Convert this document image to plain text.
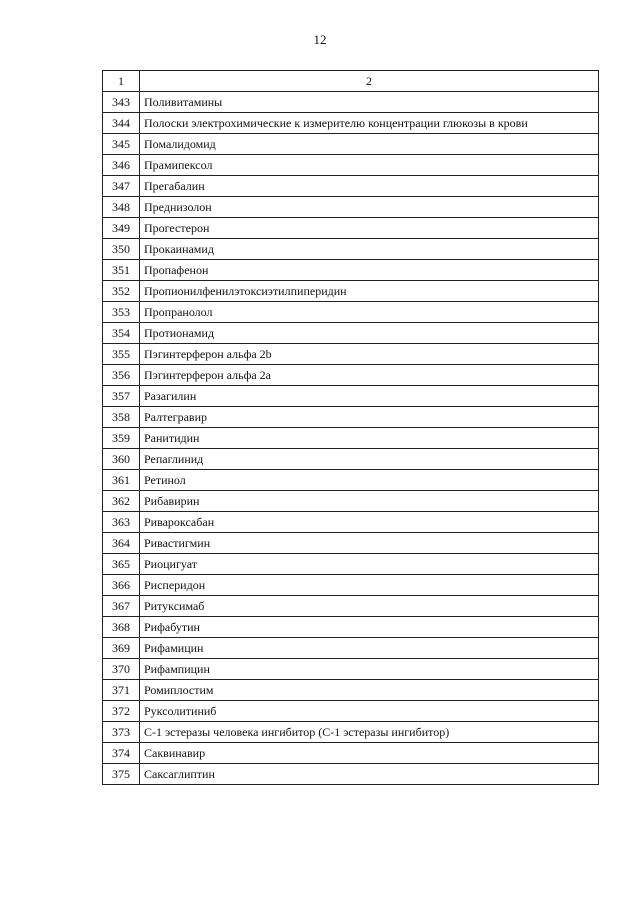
12
1	2
343	Поливитамины
344	Полоски электрохимические к измерителю концентрации глюкозы в крови
345	Помалидомид
346	Прамипексол
347	Прегабалин
348	Преднизолон
349	Прогестерон
350	Прокаинамид
351	Пропафенон
352	Пропионилфенилэтоксиэтилпиперидин
353	Пропранолол
354	Протионамид
355	Пэгинтерферон альфа 2b
356	Пэгинтерферон альфа 2a
357	Разагилин
358	Ралтегравир
359	Ранитидин
360	Репаглинид
361	Ретинол
362	Рибавирин
363	Ривароксабан
364	Ривастигмин
365	Риоцигуат
366	Рисперидон
367	Ритуксимаб
368	Рифабутин
369	Рифамицин
370	Рифампицин
371	Ромиплостим
372	Руксолитиниб
373	С-1 эстеразы человека ингибитор (С-1 эстеразы ингибитор)
374	Саквинавир
375	Саксаглиптин
